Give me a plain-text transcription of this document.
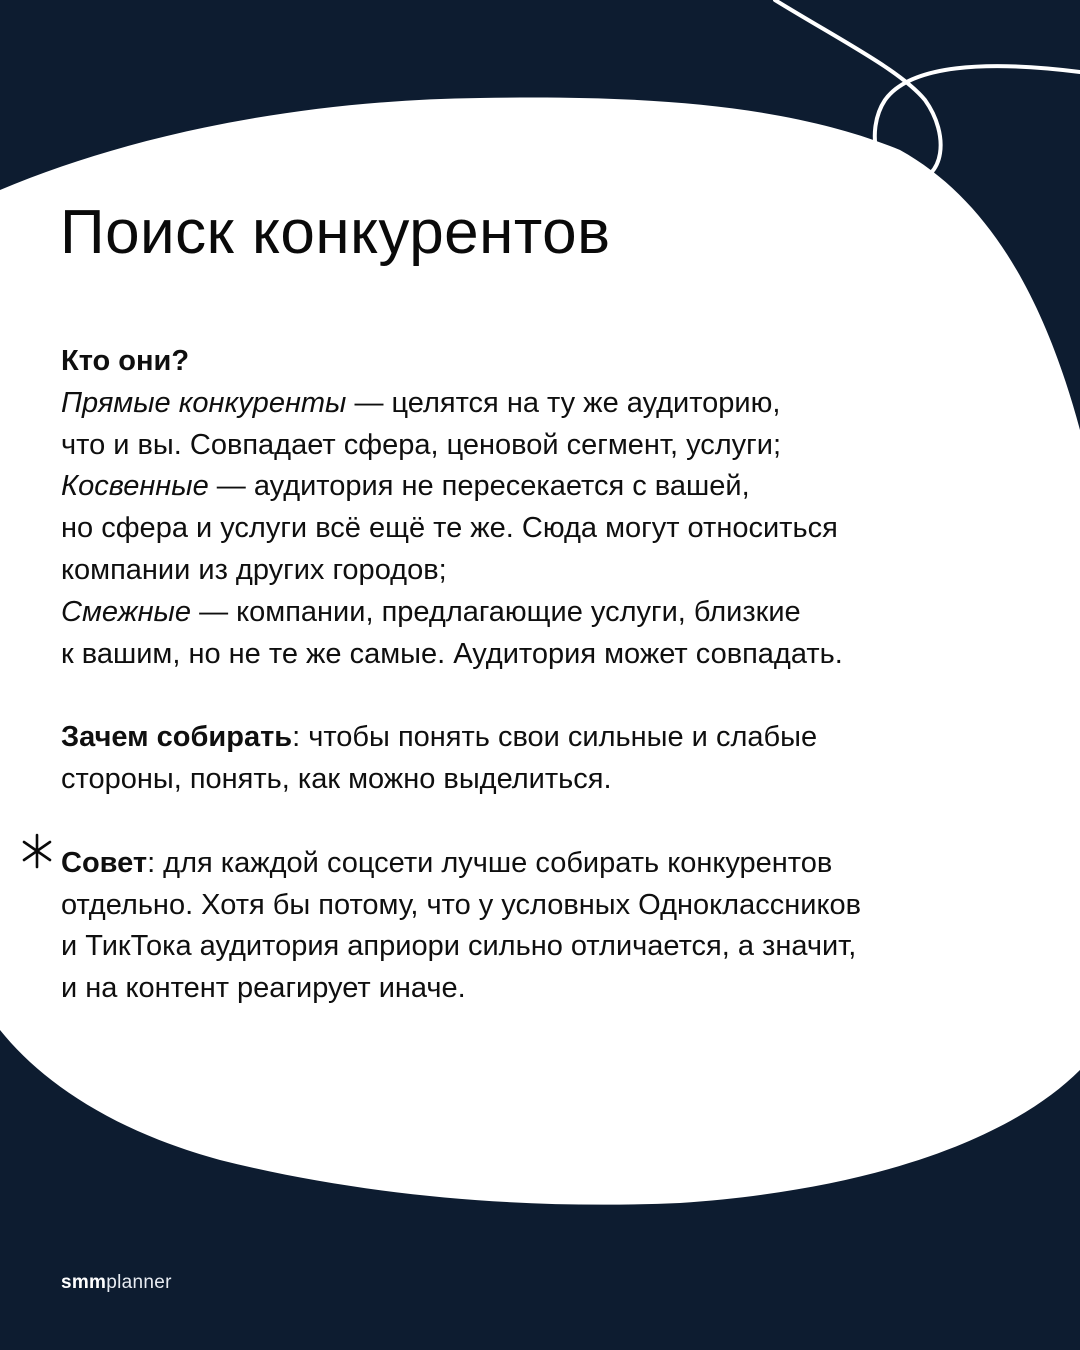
Поиск конкурентов
Кто они?
Прямые конкуренты — целятся на ту же аудиторию,
что и вы. Совпадает сфера, ценовой сегмент, услуги;
Косвенные — аудитория не пересекается с вашей,
но сфера и услуги всё ещё те же. Сюда могут относиться
компании из других городов;
Смежные — компании, предлагающие услуги, близкие
к вашим, но не те же самые. Аудитория может совпадать.
Зачем собирать: чтобы понять свои сильные и слабые
стороны, понять, как можно выделиться.
Совет: для каждой соцсети лучше собирать конкурентов
отдельно. Хотя бы потому, что у условных Одноклассников
и ТикТока аудитория априори сильно отличается, а значит,
и на контент реагирует иначе.
smmplanner
